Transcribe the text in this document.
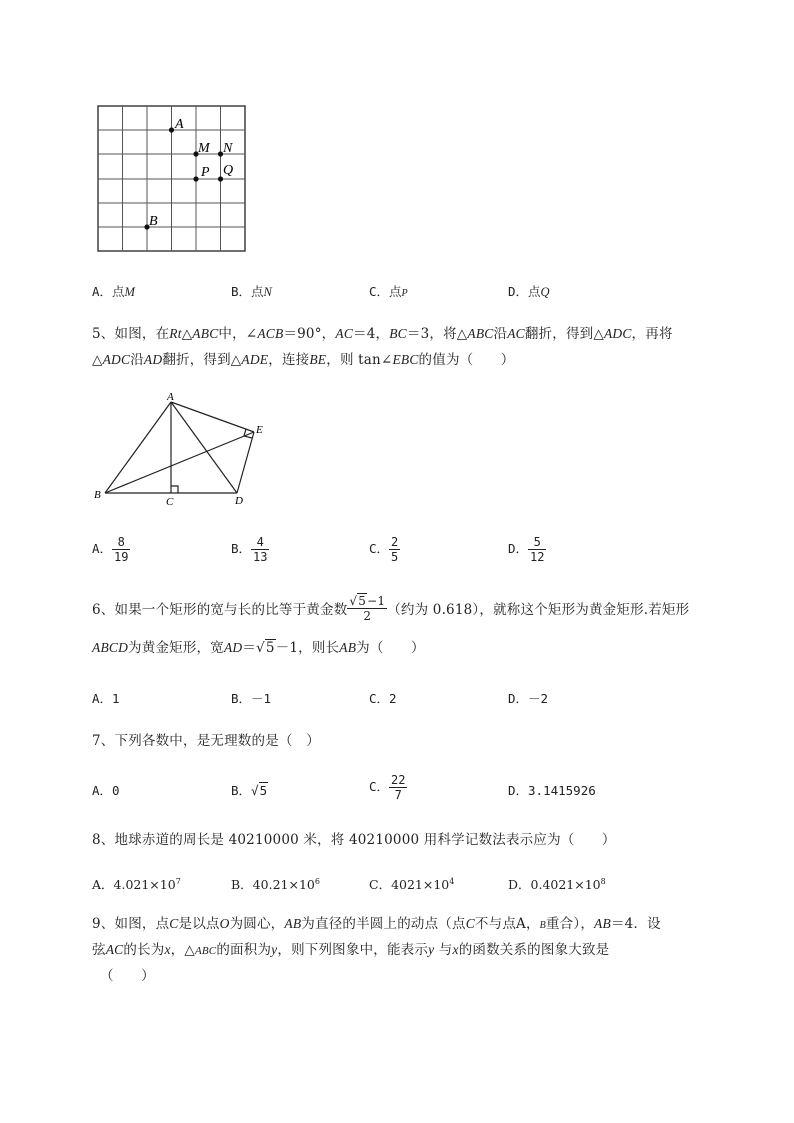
A
M N
P Q
B
A．点M	B．点N	C．点P	D．点Q
5、如图，在Rt△ABC中，∠ACB＝90°，AC＝4，BC＝3，将△ABC沿AC翻折，得到△ADC，再将
△ADC沿AD翻折，得到△ADE，连接BE，则 tan∠EBC的值为（　　）
A
B
C	D
E
A． $\frac{8}{19}$	B． $\frac{4}{13}$	C． $\frac{2}{5}$	D． $\frac{5}{12}$
6、如果一个矩形的宽与长的比等于黄金数 $\frac{√5-1}{2}$ （约为 0.618），就称这个矩形为黄金矩形.若矩形
ABCD为黄金矩形，宽AD＝√5－1，则长AB为（　　）
A．1	B．－1	C．2	D．－2
7、下列各数中，是无理数的是（　）
A．0	B．√5	C． $\frac{22}{7}$	D．3.1415926
8、地球赤道的周长是 40210000 米，将 40210000 用科学记数法表示应为（　　）
A．$4.021\times 10^7$	B．$40.21\times 10^6$	C．$4021\times 10^4$	D．$0.4021\times 10^8$
9、如图，点C是以点O为圆心，AB为直径的半圆上的动点（点C不与点A，B重合），AB＝4．设
弦AC的长为x，△ABC的面积为y，则下列图象中，能表示y 与x的函数关系的图象大致是
（　　）
